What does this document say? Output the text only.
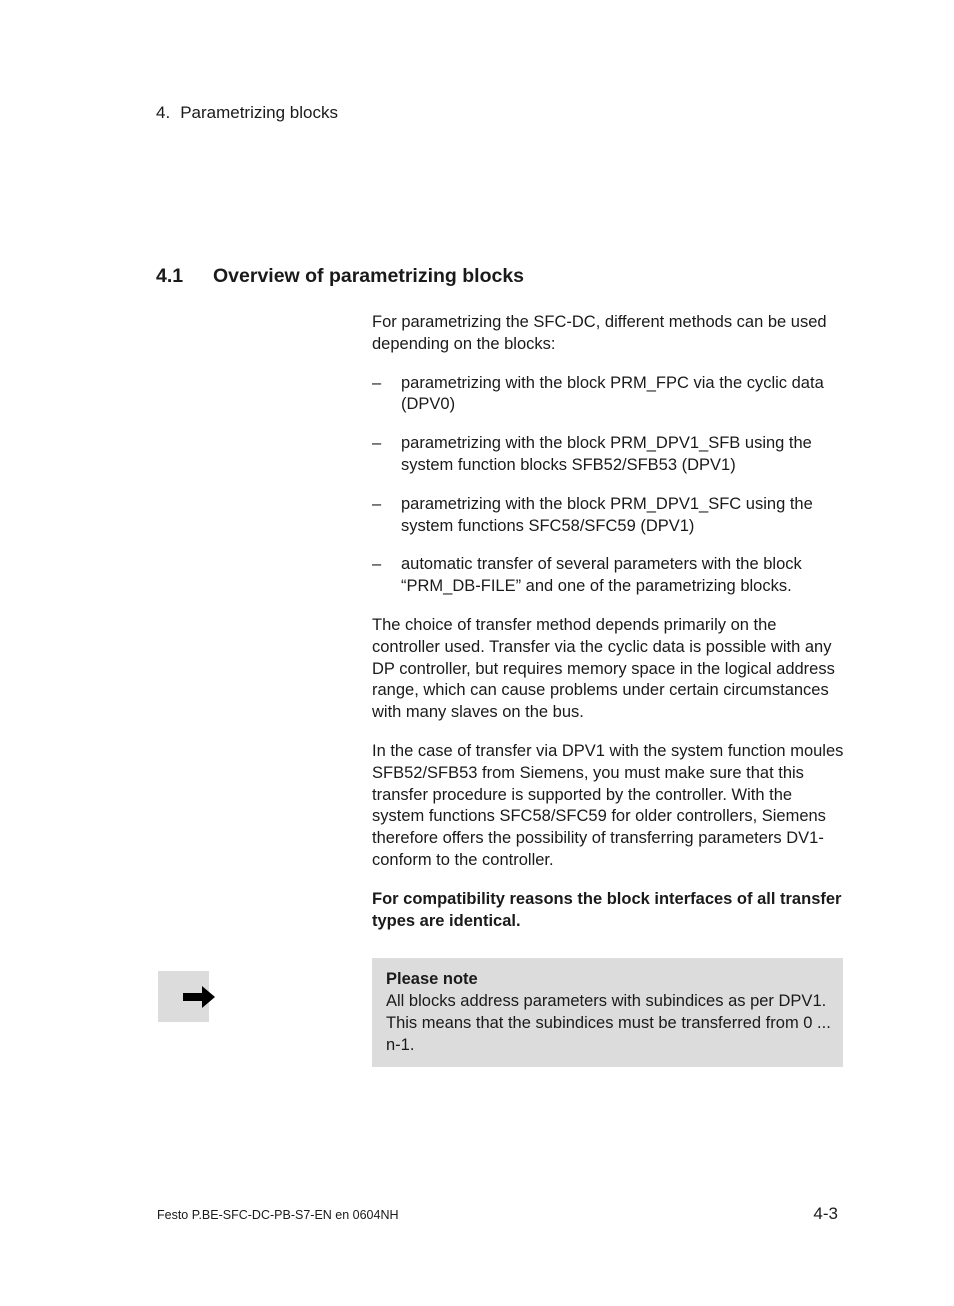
4. Parametrizing blocks
4.1 Overview of parametrizing blocks

For parametrizing the SFC-DC, different methods can be used depending on the blocks:

– parametrizing with the block PRM_FPC via the cyclic data (DPV0)
– parametrizing with the block PRM_DPV1_SFB using the system function blocks SFB52/SFB53 (DPV1)
– parametrizing with the block PRM_DPV1_SFC using the system functions SFC58/SFC59 (DPV1)
– automatic transfer of several parameters with the block “PRM_DB-FILE” and one of the parametrizing blocks.

The choice of transfer method depends primarily on the controller used. Transfer via the cyclic data is possible with any DP controller, but requires memory space in the logical address range, which can cause problems under certain circumstances with many slaves on the bus.

In the case of transfer via DPV1 with the system function moules SFB52/SFB53 from Siemens, you must make sure that this transfer procedure is supported by the controller. With the system functions SFC58/SFC59 for older controllers, Siemens therefore offers the possibility of transferring parameters DV1-conform to the controller.

For compatibility reasons the block interfaces of all transfer types are identical.

Please note
All blocks address parameters with subindices as per DPV1. This means that the subindices must be transferred from 0 ... n-1.
Festo P.BE-SFC-DC-PB-S7-EN en 0604NH	4-3
